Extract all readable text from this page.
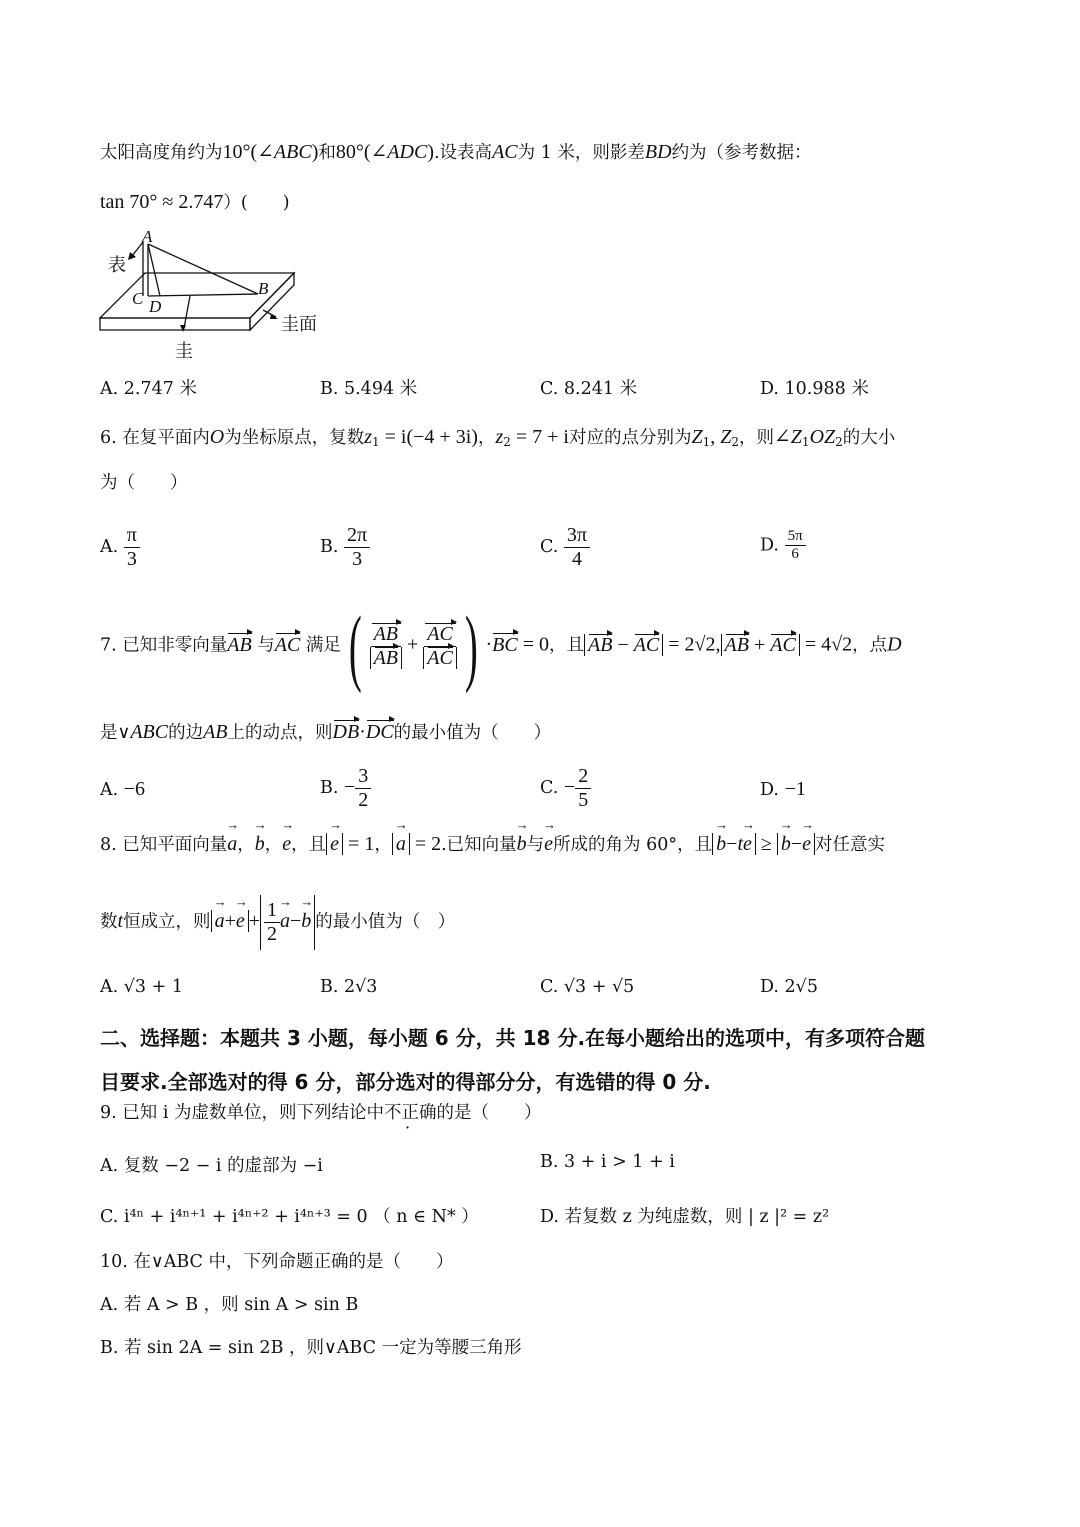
太阳高度角约为10°(∠ABC)和80°(∠ADC).设表高AC为 1 米，则影差BD约为（参考数据：
tan 70° ≈ 2.747）(　　)
A
C D
B
表
圭面
圭
A. 2.747 米	B. 5.494 米	C. 8.241 米	D. 10.988 米
6. 在复平面内O为坐标原点，复数$z_1 = i(-4 + 3i)$，$z_2 = 7 + i$对应的点分别为$Z_1$, $Z_2$，则$\angle Z_1OZ_2$的大小
为（　　）
A. $\frac{\pi}{3}$	B. $\frac{2\pi}{3}$	C. $\frac{3\pi}{4}$	D. $\frac{5\pi}{6}$
7. 已知非零向量AB 与AC 满足( $\frac{AB}{AB} + \frac{AC}{AC}$ ) ·BC = 0，且 AB − AC = 2√2, AB + AC = 4√2，点D
是∨ABC的边AB上的动点，则DB·DC的最小值为（　　）
A. −6	B. − $\frac{3}{2}$	C. − $\frac{2}{5}$	D. −1
8. 已知平面向量→ a，→ b，→ e，且→ e = 1，→ a = 2.已知向量→ b与→ e所成的角为 60°，且→ b−t→ e ≥ → b−→ e 对任意实
数t恒成立，则→ $a+\to e + \frac{1}{2}$
→ a−→ b 的最小值为（　）
A. √3 + 1	B. 2√3	C. √3 + √5	D. 2√5
二、选择题：本题共 3 小题，每小题 6 分，共 18 分.在每小题给出的选项中，有多项符合题
目要求.全部选对的得 6 分，部分选对的得部分分，有选错的得 0 分.
9. 已知 i 为虚数单位，则下列结论中不正确的是（　　）
A. 复数 −2 − i 的虚部为 −i	B. 3 + i > 1 + i
C. i⁴ⁿ + i⁴ⁿ⁺¹ + i⁴ⁿ⁺² + i⁴ⁿ⁺³ = 0 （ n ∈ N* ）	D. 若复数 z 为纯虚数，则 | z |² = z²
10. 在∨ABC 中，下列命题正确的是（　　）
A. 若 A > B ，则 sin A > sin B
B. 若 sin 2A = sin 2B ，则∨ABC 一定为等腰三角形
